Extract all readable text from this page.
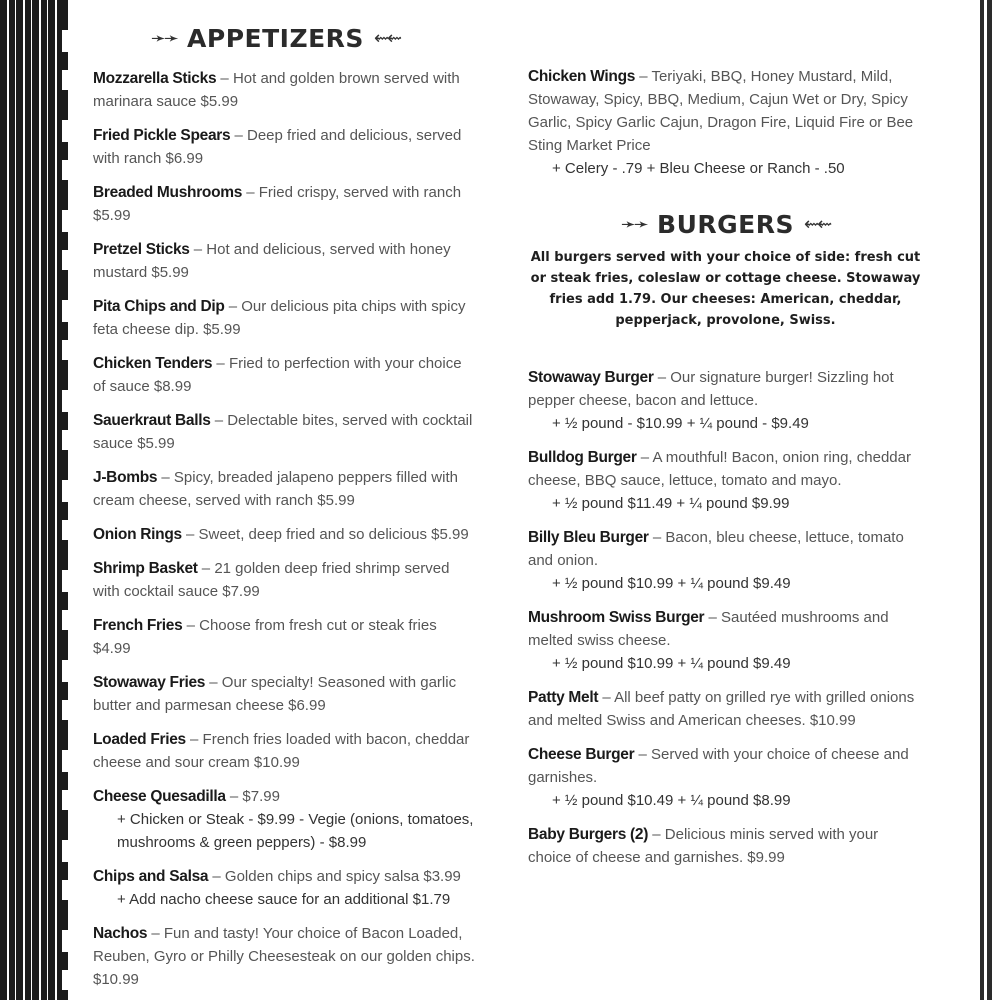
➛➛ APPETIZERS ⇜⇜
Mozzarella Sticks – Hot and golden brown served with marinara sauce $5.99
Fried Pickle Spears – Deep fried and delicious, served with ranch $6.99
Breaded Mushrooms – Fried crispy, served with ranch $5.99
Pretzel Sticks – Hot and delicious, served with honey mustard $5.99
Pita Chips and Dip – Our delicious pita chips with spicy feta cheese dip. $5.99
Chicken Tenders – Fried to perfection with your choice of sauce $8.99
Sauerkraut Balls – Delectable bites, served with cocktail sauce $5.99
J-Bombs – Spicy, breaded jalapeno peppers filled with cream cheese, served with ranch $5.99
Onion Rings – Sweet, deep fried and so delicious $5.99
Shrimp Basket – 21 golden deep fried shrimp served with cocktail sauce $7.99
French Fries – Choose from fresh cut or steak fries $4.99
Stowaway Fries – Our specialty! Seasoned with garlic butter and parmesan cheese $6.99
Loaded Fries – French fries loaded with bacon, cheddar cheese and sour cream $10.99
Cheese Quesadilla – $7.99
+ Chicken or Steak - $9.99 - Vegie (onions, tomatoes, mushrooms & green peppers) - $8.99
Chips and Salsa – Golden chips and spicy salsa $3.99
+ Add nacho cheese sauce for an additional $1.79
Nachos – Fun and tasty! Your choice of Bacon Loaded, Reuben, Gyro or Philly Cheesesteak on our golden chips. $10.99
Chicken Wings – Teriyaki, BBQ, Honey Mustard, Mild, Stowaway, Spicy, BBQ, Medium, Cajun Wet or Dry, Spicy Garlic, Spicy Garlic Cajun, Dragon Fire, Liquid Fire or Bee Sting Market Price
+ Celery - .79 + Bleu Cheese or Ranch - .50
➛➛ BURGERS ⇜⇜
All burgers served with your choice of side: fresh cut or steak fries, coleslaw or cottage cheese. Stowaway fries add 1.79. Our cheeses: American, cheddar, pepperjack, provolone, Swiss.
Stowaway Burger – Our signature burger! Sizzling hot pepper cheese, bacon and lettuce.
+ ½ pound - $10.99 + ¼ pound - $9.49
Bulldog Burger – A mouthful! Bacon, onion ring, cheddar cheese, BBQ sauce, lettuce, tomato and mayo.
+ ½ pound $11.49 + ¼ pound $9.99
Billy Bleu Burger – Bacon, bleu cheese, lettuce, tomato and onion.
+ ½ pound $10.99 + ¼ pound $9.49
Mushroom Swiss Burger – Sautéed mushrooms and melted swiss cheese.
+ ½ pound $10.99 + ¼ pound $9.49
Patty Melt – All beef patty on grilled rye with grilled onions and melted Swiss and American cheeses. $10.99
Cheese Burger – Served with your choice of cheese and garnishes.
+ ½ pound $10.49 + ¼ pound $8.99
Baby Burgers (2) – Delicious minis served with your choice of cheese and garnishes. $9.99
